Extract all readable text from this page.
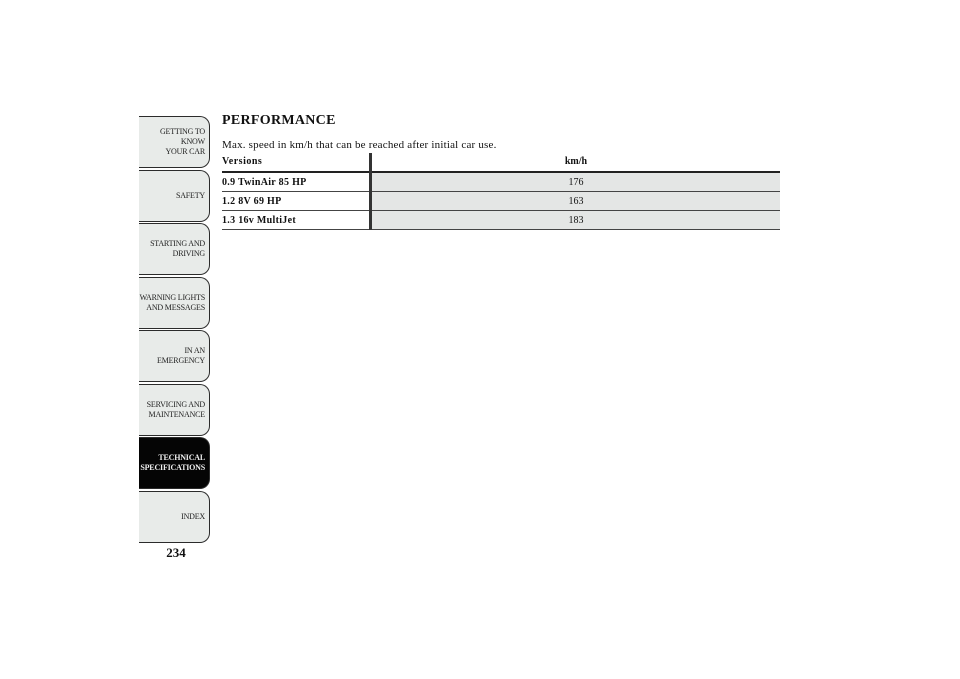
GETTING TO KNOW
YOUR CAR
SAFETY
STARTING AND
DRIVING
WARNING LIGHTS
AND MESSAGES
IN AN EMERGENCY
SERVICING AND
MAINTENANCE
TECHNICAL
SPECIFICATIONS
INDEX
234
PERFORMANCE

Max. speed in km/h that can be reached after initial car use.

Versions	km/h
0.9 TwinAir 85 HP	176
1.2 8V 69 HP	163
1.3 16v MultiJet	183
